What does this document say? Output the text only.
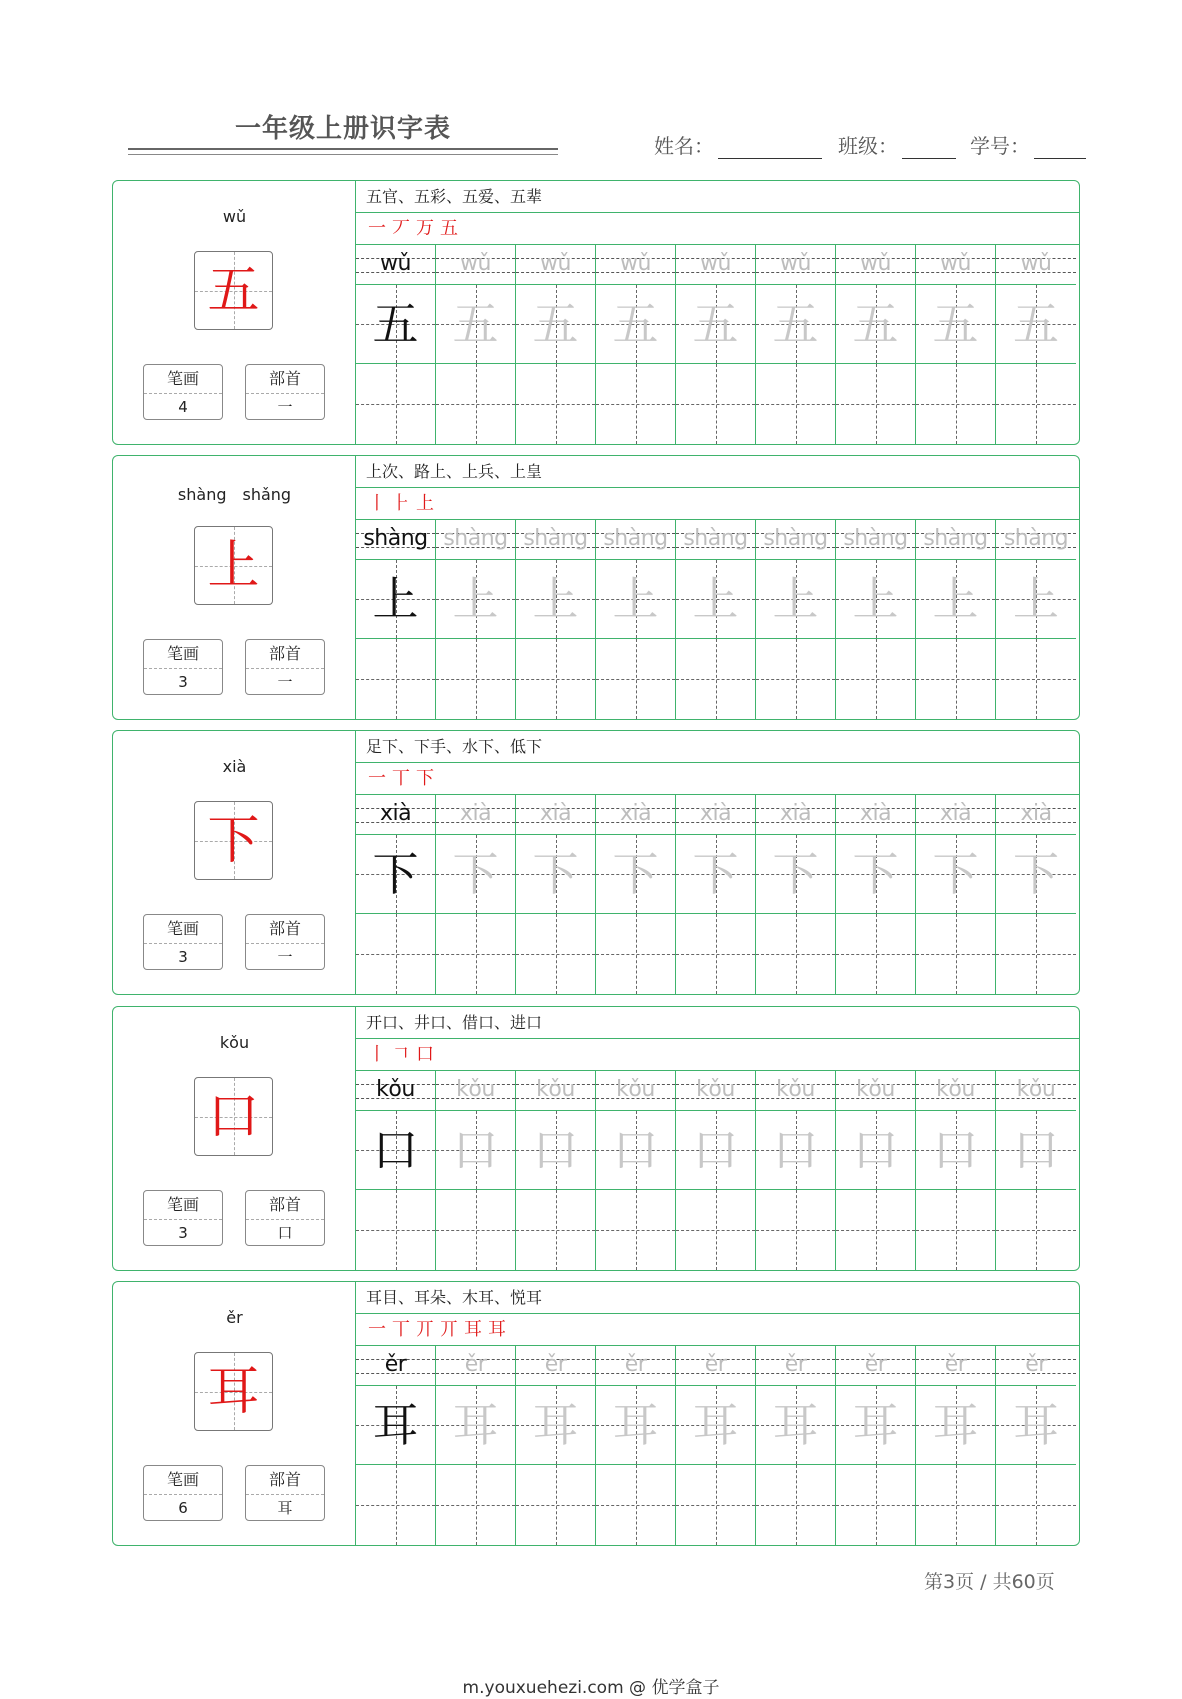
一年级上册识字表
姓名：	班级：	学号：
wǔ
五
笔画
4
部首
一
五官、五彩、五爱、五辈
一丆万五
wǔ
五
wǔ
五
wǔ
五
wǔ
五
wǔ
五
wǔ
五
wǔ
五
wǔ
五
wǔ
五
shàng　shǎng
上
笔画
3
部首
一
上次、路上、上兵、上皇
丨⺊上
shàng
上
shàng
上
shàng
上
shàng
上
shàng
上
shàng
上
shàng
上
shàng
上
shàng
上
xià
下
笔画
3
部首
一
足下、下手、水下、低下
一丅下
xià
下
xià
下
xià
下
xià
下
xià
下
xià
下
xià
下
xià
下
xià
下
kǒu
口
笔画
3
部首
口
开口、井口、借口、进口
丨𠃍口
kǒu
口
kǒu
口
kǒu
口
kǒu
口
kǒu
口
kǒu
口
kǒu
口
kǒu
口
kǒu
口
ěr
耳
笔画
6
部首
耳
耳目、耳朵、木耳、悦耳
一丅丌丌耳耳
ěr
耳
ěr
耳
ěr
耳
ěr
耳
ěr
耳
ěr
耳
ěr
耳
ěr
耳
ěr
耳
第3页 / 共60页
m.youxuehezi.com @ 优学盒子
